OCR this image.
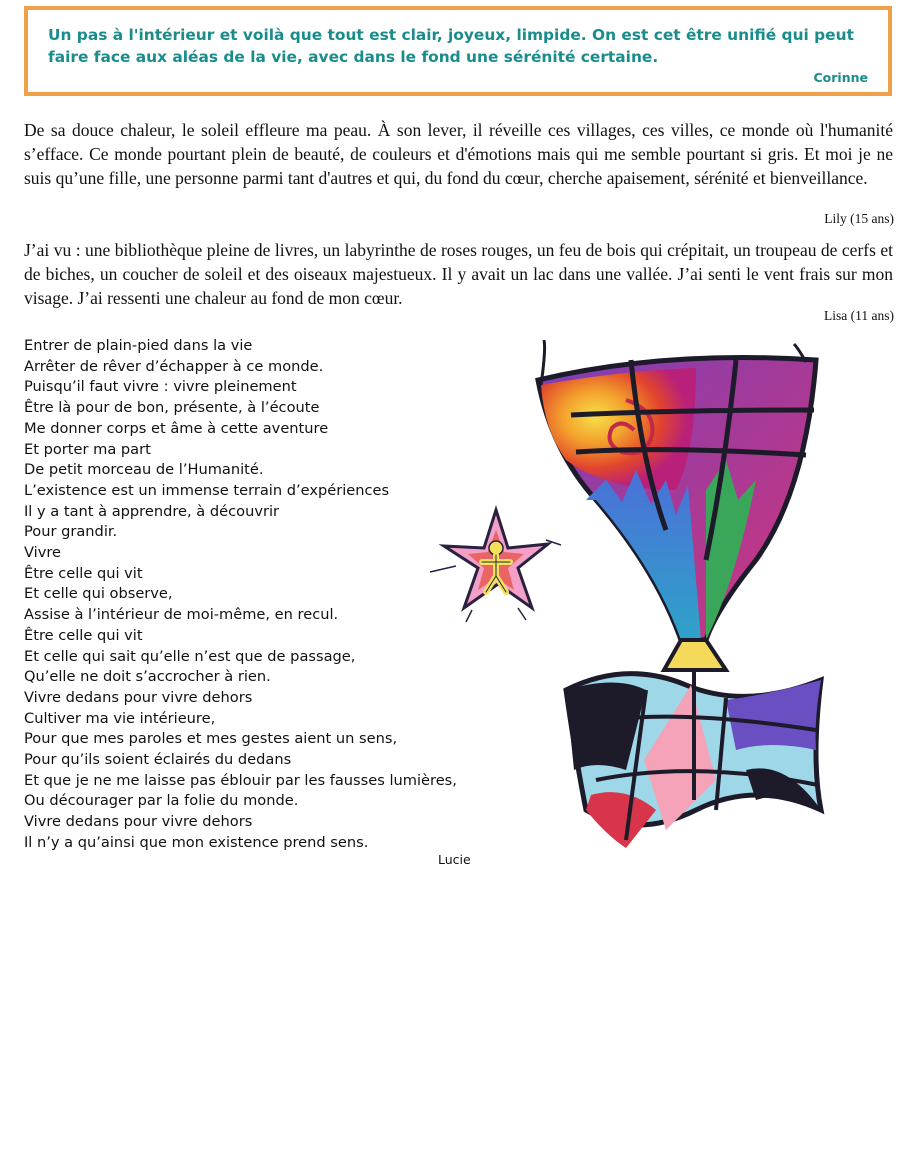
Un pas à l'intérieur et voilà que tout est clair, joyeux, limpide. On est cet être unifié qui peut faire face aux aléas de la vie, avec dans le fond une sérénité certaine.

Corinne

De sa douce chaleur, le soleil effleure ma peau. À son lever, il réveille ces villages, ces villes, ce monde où l'humanité s’efface. Ce monde pourtant plein de beauté, de couleurs et d'émotions mais qui me semble pourtant si gris. Et moi je ne suis qu’une fille, une personne parmi tant d'autres et qui, du fond du cœur, cherche apaisement, sérénité et bienveillance.

Lily (15 ans)

J’ai vu : une bibliothèque pleine de livres, un labyrinthe de roses rouges, un feu de bois qui crépitait, un troupeau de cerfs et de biches, un coucher de soleil et des oiseaux majestueux. Il y avait un lac dans une vallée. J’ai senti le vent frais sur mon visage. J’ai ressenti une chaleur au fond de mon cœur.

Lisa (11 ans)
Entrer de plain-pied dans la vie
Arrêter de rêver d’échapper à ce monde.
Puisqu’il faut vivre : vivre pleinement
Être là pour de bon, présente, à l’écoute
Me donner corps et âme à cette aventure
Et porter ma part
De petit morceau de l’Humanité.
L’existence est un immense terrain d’expériences
Il y a tant à apprendre, à découvrir
Pour grandir.
Vivre
Être celle qui vit
Et celle qui observe,
Assise à l’intérieur de moi-même, en recul.
Être celle qui vit
Et celle qui sait qu’elle n’est que de passage,
Qu’elle ne doit s’accrocher à rien.
Vivre dedans pour vivre dehors
Cultiver ma vie intérieure,
Pour que mes paroles et mes gestes aient un sens,
Pour qu’ils soient éclairés du dedans
Et que je ne me laisse pas éblouir par les fausses lumières,
Ou décourager par la folie du monde.
Vivre dedans pour vivre dehors
Il n’y a qu’ainsi que mon existence prend sens.
Lucie
